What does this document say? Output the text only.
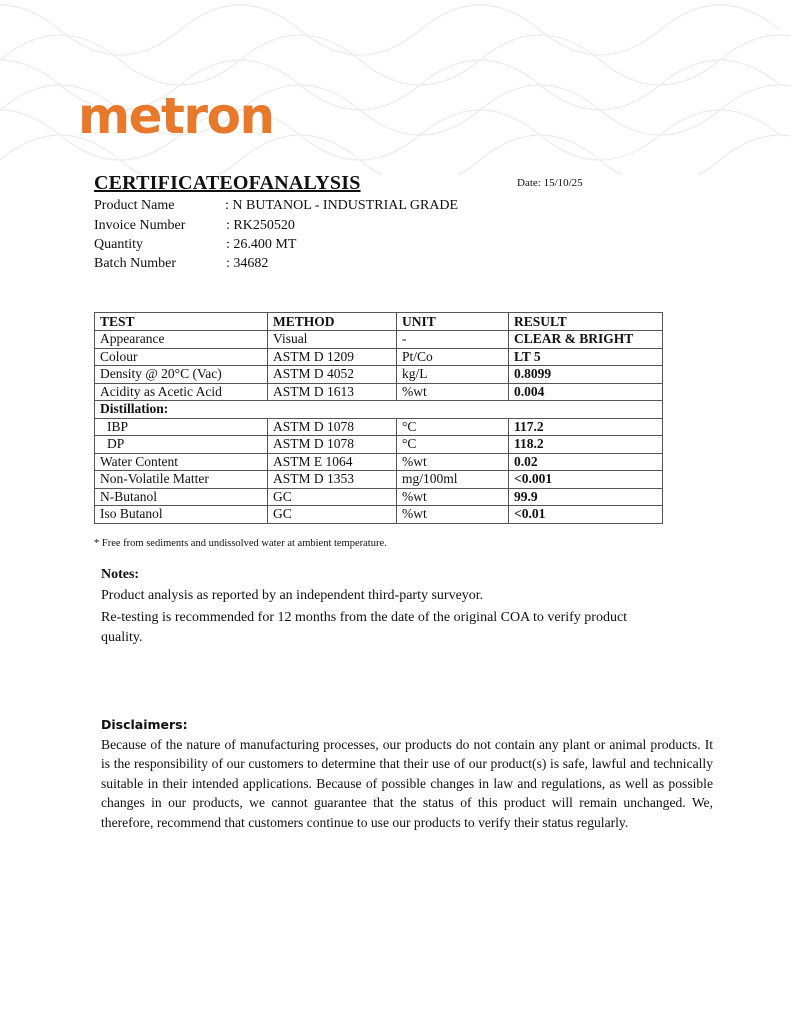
metron
CERTIFICATEOFANALYSIS	Date: 15/10/25
Product Name	: N BUTANOL - INDUSTRIAL GRADE
Invoice Number	: RK250520
Quantity	: 26.400 MT
Batch Number	: 34682
TEST	METHOD	UNIT	RESULT
Appearance	Visual	-	CLEAR & BRIGHT
Colour	ASTM D 1209	Pt/Co	LT 5
Density @ 20°C (Vac)	ASTM D 4052	kg/L	0.8099
Acidity as Acetic Acid	ASTM D 1613	%wt	0.004
Distillation:			
IBP	ASTM D 1078	°C	117.2
DP	ASTM D 1078	°C	118.2
Water Content	ASTM E 1064	%wt	0.02
Non-Volatile Matter	ASTM D 1353	mg/100ml	<0.001
N-Butanol	GC	%wt	99.9
Iso Butanol	GC	%wt	<0.01
* Free from sediments and undissolved water at ambient temperature.
Notes:
Product analysis as reported by an independent third-party surveyor.
Re-testing is recommended for 12 months from the date of the original COA to verify product quality.
Disclaimers:
Because of the nature of manufacturing processes, our products do not contain any plant or animal products. It is the responsibility of our customers to determine that their use of our product(s) is safe, lawful and technically suitable in their intended applications. Because of possible changes in law and regulations, as well as possible changes in our products, we cannot guarantee that the status of this product will remain unchanged. We, therefore, recommend that customers continue to use our products to verify their status regularly.
